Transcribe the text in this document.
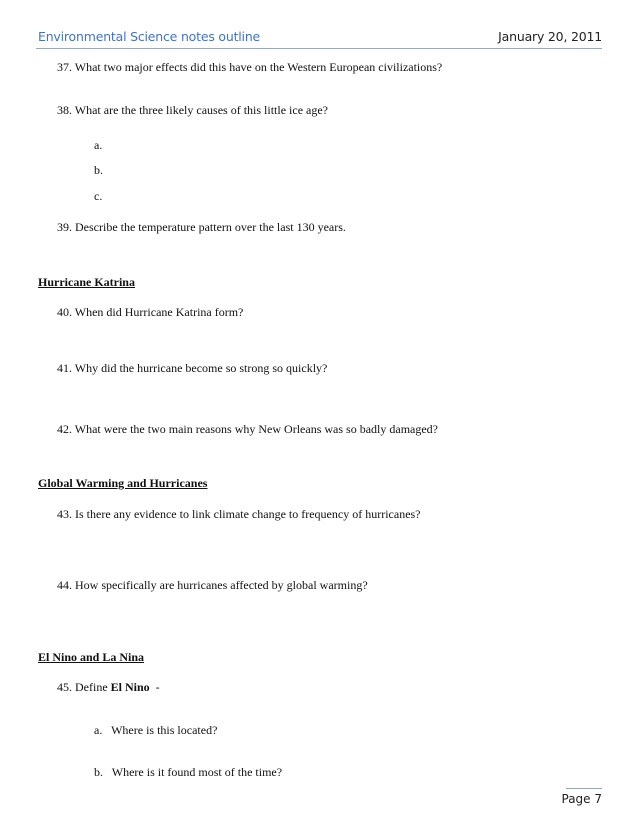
Environmental Science notes outline	January 20, 2011
37. What two major effects did this have on the Western European civilizations?
38. What are the three likely causes of this little ice age?
a.
b.
c.
39. Describe the temperature pattern over the last 130 years.
Hurricane Katrina
40. When did Hurricane Katrina form?
41. Why did the hurricane become so strong so quickly?
42. What were the two main reasons why New Orleans was so badly damaged?
Global Warming and Hurricanes
43. Is there any evidence to link climate change to frequency of hurricanes?
44. How specifically are hurricanes affected by global warming?
El Nino and La Nina
45. Define El Nino  -
a.   Where is this located?
b.   Where is it found most of the time?
Page 7
